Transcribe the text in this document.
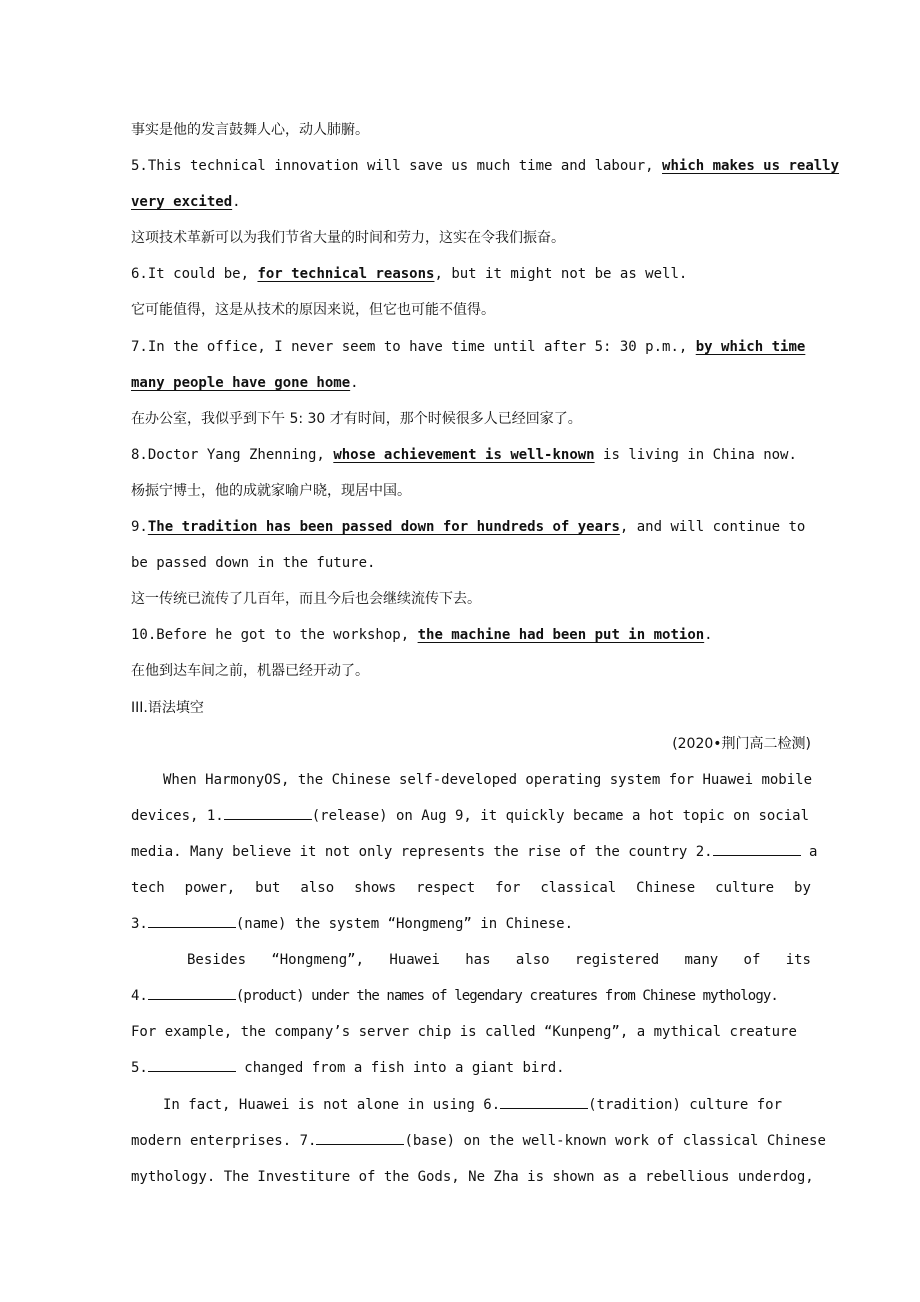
事实是他的发言鼓舞人心，动人肺腑。
5.This technical innovation will save us much time and labour, which makes us really
very excited.
这项技术革新可以为我们节省大量的时间和劳力，这实在令我们振奋。
6.It could be, for technical reasons, but it might not be as well.
它可能值得，这是从技术的原因来说，但它也可能不值得。
7.In the office, I never seem to have time until after 5: 30 p.m., by which time
many people have gone home.
在办公室，我似乎到下午 5: 30 才有时间，那个时候很多人已经回家了。
8.Doctor Yang Zhenning, whose achievement is well-known is living in China now.
杨振宁博士，他的成就家喻户晓，现居中国。
9.The tradition has been passed down for hundreds of years, and will continue to
be passed down in the future.
这一传统已流传了几百年，而且今后也会继续流传下去。
10.Before he got to the workshop, the machine had been put in motion.
在他到达车间之前，机器已经开动了。
III.语法填空
(2020•荆门高二检测)
When HarmonyOS, the Chinese self-developed operating system for Huawei mobile
devices, 1.	(release) on Aug 9, it quickly became a hot topic on social
media. Many believe it not only represents the rise of the country 2.	a
tech power, but also shows respect for classical Chinese culture by
3.	(name) the system “Hongmeng” in Chinese.
Besides “Hongmeng”, Huawei has also registered many of its
4.	(product) under the names of legendary creatures from Chinese mythology.
For example, the company’s server chip is called “Kunpeng”, a mythical creature
5.	changed from a fish into a giant bird.
In fact, Huawei is not alone in using 6.	(tradition) culture for
modern enterprises. 7.	(base) on the well-known work of classical Chinese
mythology. The Investiture of the Gods, Ne Zha is shown as a rebellious underdog,
